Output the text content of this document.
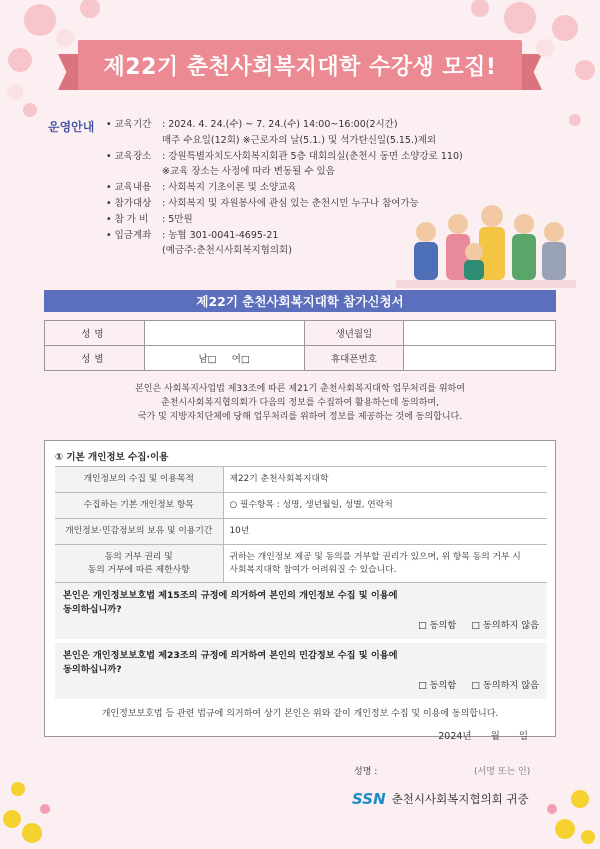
제22기 춘천사회복지대학 수강생 모집!
운영안내	• 교육기간	: 2024. 4. 24.(수) ~ 7. 24.(수) 14:00~16:00(2시간)
매주 수요일(12회) ※근로자의 날(5.1.) 및 석가탄신일(5.15.)제외
• 교육장소	: 강원특별자치도사회복지회관 5층 대회의실(춘천시 동면 소양강로 110)
※교육 장소는 사정에 따라 변동될 수 있음
• 교육내용	: 사회복지 기초이론 및 소양교육
• 참가대상	: 사회복지 및 자원봉사에 관심 있는 춘천시민 누구나 참여가능
• 참 가 비	: 5만원
• 입금계좌	: 농협 301-0041-4695-21
(예금주:춘천시사회복지협의회)
제22기 춘천사회복지대학 참가신청서
성명		생년월일	
성별	남□     여□	휴대폰번호	
본인은 사회복지사업법 제33조에 따른 제21기 춘천사회복지대학 업무처리를 위하여
춘천시사회복지협의회가 다음의 정보를 수집하여 활용하는데 동의하며,
국가 및 지방자치단체에 당해 업무처리를 위하여 정보를 제공하는 것에 동의합니다.
① 기본 개인정보 수집·이용
개인정보의 수집 및 이용목적	제22기 춘천사회복지대학
수집하는 기본 개인정보 항목	○ 필수항목 : 성명, 생년월일, 성별, 연락처
개인정보·민감정보의 보유 및 이용기간	10년
동의 거부 권리 및
동의 거부에 따른 제한사항	귀하는 개인정보 제공 및 동의를 거부할 권리가 있으며, 위 항목 동의 거부 시
사회복지대학 참여가 어려워질 수 있습니다.
본인은 개인정보보호법 제15조의 규정에 의거하여 본인의 개인정보 수집 및 이용에
동의하십니까?
□ 동의함 □ 동의하지 않음
본인은 개인정보보호법 제23조의 규정에 의거하여 본인의 민감정보 수집 및 이용에
동의하십니까?
□ 동의함 □ 동의하지 않음
개인정보보호법 등 관련 법규에 의거하여 상기 본인은 위와 같이 개인정보 수집 및 이용에 동의합니다.
2024년 월 일
성명 :	(서명 또는 인)
SSN 춘천시사회복지협의회 귀중
